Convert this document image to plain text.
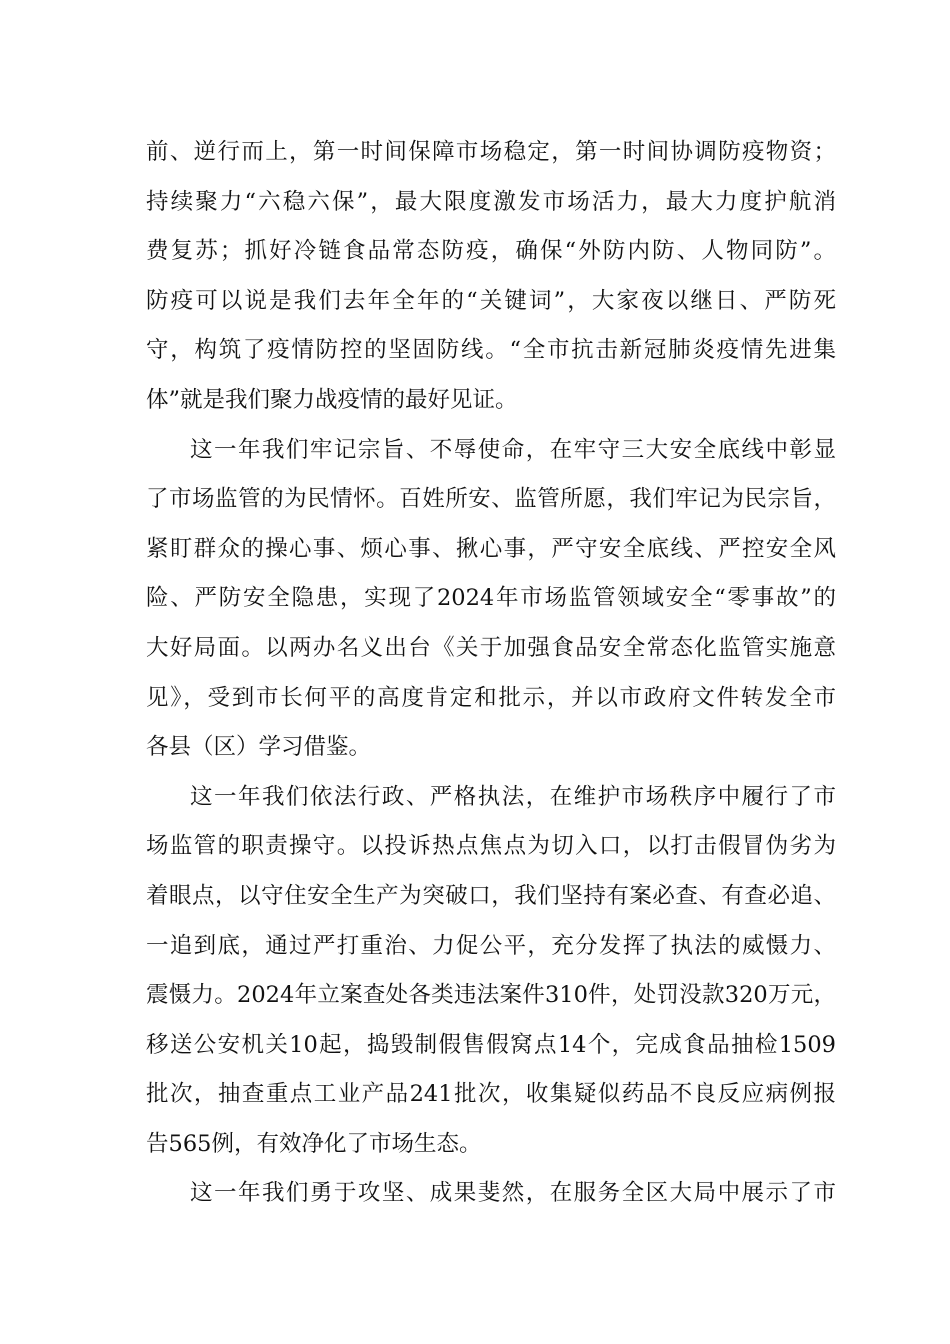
前、逆行而上，第一时间保障市场稳定，第一时间协调防疫物资；
持续聚力“六稳六保”，最大限度激发市场活力，最大力度护航消
费复苏；抓好冷链食品常态防疫，确保“外防内防、人物同防”。
防疫可以说是我们去年全年的“关键词”，大家夜以继日、严防死
守，构筑了疫情防控的坚固防线。“全市抗击新冠肺炎疫情先进集
体”就是我们聚力战疫情的最好见证。
这一年我们牢记宗旨、不辱使命，在牢守三大安全底线中彰显
了市场监管的为民情怀。百姓所安、监管所愿，我们牢记为民宗旨，
紧盯群众的操心事、烦心事、揪心事，严守安全底线、严控安全风
险、严防安全隐患，实现了2024年市场监管领域安全“零事故”的
大好局面。以两办名义出台《关于加强食品安全常态化监管实施意
见》，受到市长何平的高度肯定和批示，并以市政府文件转发全市
各县（区）学习借鉴。
这一年我们依法行政、严格执法，在维护市场秩序中履行了市
场监管的职责操守。以投诉热点焦点为切入口，以打击假冒伪劣为
着眼点，以守住安全生产为突破口，我们坚持有案必查、有查必追、
一追到底，通过严打重治、力促公平，充分发挥了执法的威慑力、
震慑力。2024年立案查处各类违法案件310件，处罚没款320万元，
移送公安机关10起，捣毁制假售假窝点14个，完成食品抽检1509
批次，抽查重点工业产品241批次，收集疑似药品不良反应病例报
告565例，有效净化了市场生态。
这一年我们勇于攻坚、成果斐然，在服务全区大局中展示了市
